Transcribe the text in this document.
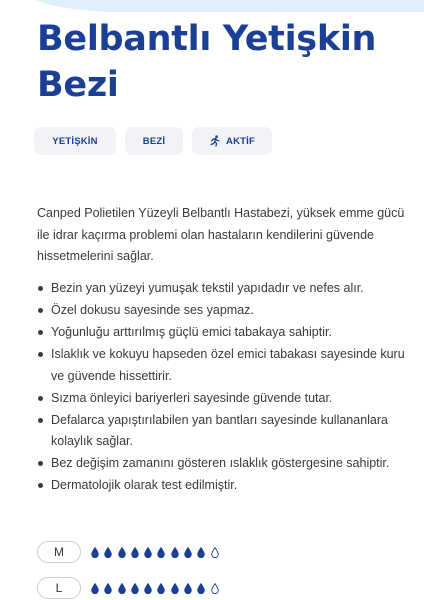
Belbantlı Yetişkin
Bezi
YETİŞKİN	BEZİ	AKTİF

Canped Polietilen Yüzeyli Belbantlı Hastabezi, yüksek emme gücü ile idrar kaçırma problemi olan hastaların kendilerini güvende hissetmelerini sağlar.

Bezin yan yüzeyi yumuşak tekstil yapıdadır ve nefes alır.
Özel dokusu sayesinde ses yapmaz.
Yoğunluğu arttırılmış güçlü emici tabakaya sahiptir.
Islaklık ve kokuyu hapseden özel emici tabakası sayesinde kuru ve güvende hissettirir.
Sızma önleyici bariyerleri sayesinde güvende tutar.
Defalarca yapıştırılabilen yan bantları sayesinde kullananlara kolaylık sağlar.
Bez değişim zamanını gösteren ıslaklık göstergesine sahiptir.
Dermatolojik olarak test edilmiştir.
M
L
